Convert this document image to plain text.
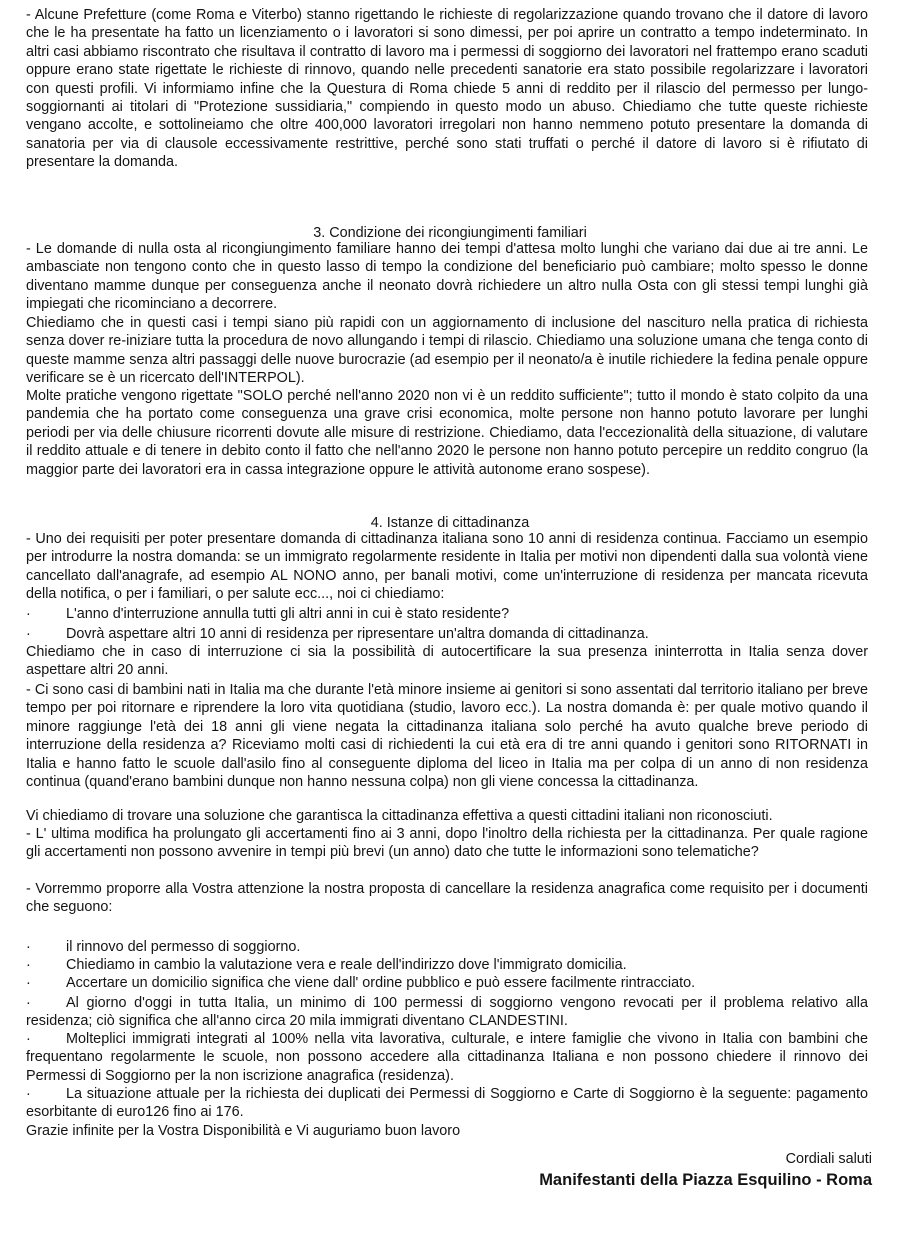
- Alcune Prefetture (come Roma e Viterbo) stanno rigettando le richieste di regolarizzazione quando trovano che il datore di lavoro che le ha presentate ha fatto un licenziamento o i lavoratori si sono dimessi, per poi aprire un contratto a tempo indeterminato. In altri casi abbiamo riscontrato che risultava il contratto di lavoro ma i permessi di soggiorno dei lavoratori nel frattempo erano scaduti oppure erano state rigettate le richieste di rinnovo, quando nelle precedenti sanatorie era stato possibile regolarizzare i lavoratori con questi profili. Vi informiamo infine che la Questura di Roma chiede 5 anni di reddito per il rilascio del permesso per lungo-soggiornanti ai titolari di "Protezione sussidiaria," compiendo in questo modo un abuso. Chiediamo che tutte queste richieste vengano accolte, e sottolineiamo che oltre 400,000 lavoratori irregolari non hanno nemmeno potuto presentare la domanda di sanatoria per via di clausole eccessivamente restrittive, perché sono stati truffati o perché il datore di lavoro si è rifiutato di presentare la domanda.

3. Condizione dei ricongiungimenti familiari

- Le domande di nulla osta al ricongiungimento familiare hanno dei tempi d'attesa molto lunghi che variano dai due ai tre anni. Le ambasciate non tengono conto che in questo lasso di tempo la condizione del beneficiario può cambiare; molto spesso le donne diventano mamme dunque per conseguenza anche il neonato dovrà richiedere un altro nulla Osta con gli stessi tempi lunghi già impiegati che ricominciano a decorrere.

Chiediamo che in questi casi i tempi siano più rapidi con un aggiornamento di inclusione del nascituro nella pratica di richiesta senza dover re-iniziare tutta la procedura de novo allungando i tempi di rilascio. Chiediamo una soluzione umana che tenga conto di queste mamme senza altri passaggi delle nuove burocrazie (ad esempio per il neonato/a è inutile richiedere la fedina penale oppure verificare se è un ricercato dell'INTERPOL).

Molte pratiche vengono rigettate "SOLO perché nell'anno 2020 non vi è un reddito sufficiente"; tutto il mondo è stato colpito da una pandemia che ha portato come conseguenza una grave crisi economica, molte persone non hanno potuto lavorare per lunghi periodi per via delle chiusure ricorrenti dovute alle misure di restrizione. Chiediamo, data l'eccezionalità della situazione, di valutare il reddito attuale e di tenere in debito conto il fatto che nell'anno 2020 le persone non hanno potuto percepire un reddito congruo (la maggior parte dei lavoratori era in cassa integrazione oppure le attività autonome erano sospese).

4. Istanze di cittadinanza

- Uno dei requisiti per poter presentare domanda di cittadinanza italiana sono 10 anni di residenza continua. Facciamo un esempio per introdurre la nostra domanda: se un immigrato regolarmente residente in Italia per motivi non dipendenti dalla sua volontà viene cancellato dall'anagrafe, ad esempio AL NONO anno, per banali motivi, come un'interruzione di residenza per mancata ricevuta della notifica, o per i familiari, o per salute ecc..., noi ci chiediamo:

· L'anno d'interruzione annulla tutti gli altri anni in cui è stato residente?

· Dovrà aspettare altri 10 anni di residenza per ripresentare un'altra domanda di cittadinanza.

Chiediamo che in caso di interruzione ci sia la possibilità di autocertificare la sua presenza ininterrotta in Italia senza dover aspettare altri 20 anni.

- Ci sono casi di bambini nati in Italia ma che durante l'età minore insieme ai genitori si sono assentati dal territorio italiano per breve tempo per poi ritornare e riprendere la loro vita quotidiana (studio, lavoro ecc.). La nostra domanda è: per quale motivo quando il minore raggiunge l'età dei 18 anni gli viene negata la cittadinanza italiana solo perché ha avuto qualche breve periodo di interruzione della residenza a? Riceviamo molti casi di richiedenti la cui età era di tre anni quando i genitori sono RITORNATI in Italia e hanno fatto le scuole dall'asilo fino al conseguente diploma del liceo in Italia ma per colpa di un anno di non residenza continua (quand'erano bambini dunque non hanno nessuna colpa) non gli viene concessa la cittadinanza.

Vi chiediamo di trovare una soluzione che garantisca la cittadinanza effettiva a questi cittadini italiani non riconosciuti.

- L' ultima modifica ha prolungato gli accertamenti fino ai 3 anni, dopo l'inoltro della richiesta per la cittadinanza. Per quale ragione gli accertamenti non possono avvenire in tempi più brevi (un anno) dato che tutte le informazioni sono telematiche?

- Vorremmo proporre alla Vostra attenzione la nostra proposta di cancellare la residenza anagrafica come requisito per i documenti che seguono:

· il rinnovo del permesso di soggiorno.

· Chiediamo in cambio la valutazione vera e reale dell'indirizzo dove l'immigrato domicilia.

· Accertare un domicilio significa che viene dall' ordine pubblico e può essere facilmente rintracciato.

· Al giorno d'oggi in tutta Italia, un minimo di 100 permessi di soggiorno vengono revocati per il problema relativo alla residenza; ciò significa che all'anno circa 20 mila immigrati diventano CLANDESTINI.

· Molteplici immigrati integrati al 100% nella vita lavorativa, culturale, e intere famiglie che vivono in Italia con bambini che frequentano regolarmente le scuole, non possono accedere alla cittadinanza Italiana e non possono chiedere il rinnovo dei Permessi di Soggiorno per la non iscrizione anagrafica (residenza).

· La situazione attuale per la richiesta dei duplicati dei Permessi di Soggiorno e Carte di Soggiorno è la seguente: pagamento esorbitante di euro126 fino ai 176.

Grazie infinite per la Vostra Disponibilità e Vi auguriamo buon lavoro

Cordiali saluti

Manifestanti della Piazza Esquilino - Roma
